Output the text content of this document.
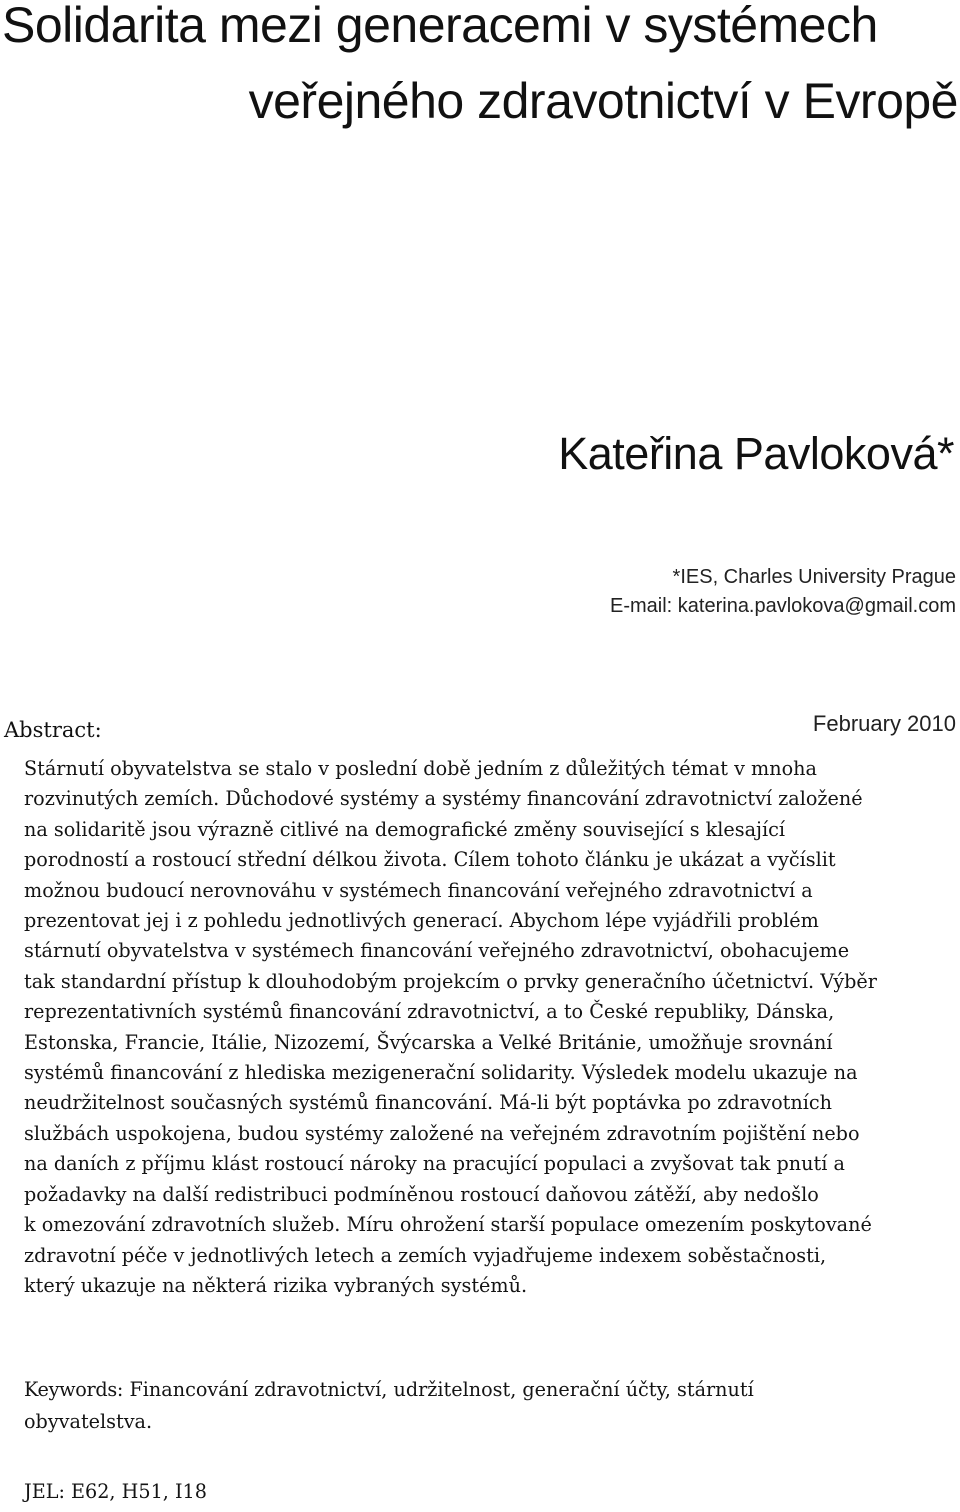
Solidarita mezi generacemi v systémech
veřejného zdravotnictví v Evropě
Kateřina Pavloková*
*IES, Charles University Prague
E-mail: katerina.pavlokova@gmail.com
February 2010
Abstract:

Stárnutí obyvatelstva se stalo v poslední době jedním z důležitých témat v mnoha
rozvinutých zemích. Důchodové systémy a systémy financování zdravotnictví založené
na solidaritě jsou výrazně citlivé na demografické změny související s klesající
porodností a rostoucí střední délkou života. Cílem tohoto článku je ukázat a vyčíslit
možnou budoucí nerovnováhu v systémech financování veřejného zdravotnictví a
prezentovat jej i z pohledu jednotlivých generací. Abychom lépe vyjádřili problém
stárnutí obyvatelstva v systémech financování veřejného zdravotnictví, obohacujeme
tak standardní přístup k dlouhodobým projekcím o prvky generačního účetnictví. Výběr
reprezentativních systémů financování zdravotnictví, a to České republiky, Dánska,
Estonska, Francie, Itálie, Nizozemí, Švýcarska a Velké Británie, umožňuje srovnání
systémů financování z hlediska mezigenerační solidarity. Výsledek modelu ukazuje na
neudržitelnost současných systémů financování. Má-li být poptávka po zdravotních
službách uspokojena, budou systémy založené na veřejném zdravotním pojištění nebo
na daních z příjmu klást rostoucí nároky na pracující populaci a zvyšovat tak pnutí a
požadavky na další redistribuci podmíněnou rostoucí daňovou zátěží, aby nedošlo
k omezování zdravotních služeb. Míru ohrožení starší populace omezením poskytované
zdravotní péče v jednotlivých letech a zemích vyjadřujeme indexem soběstačnosti,
který ukazuje na některá rizika vybraných systémů.

Keywords: Financování zdravotnictví, udržitelnost, generační účty, stárnutí
obyvatelstva.

JEL: E62, H51, I18
